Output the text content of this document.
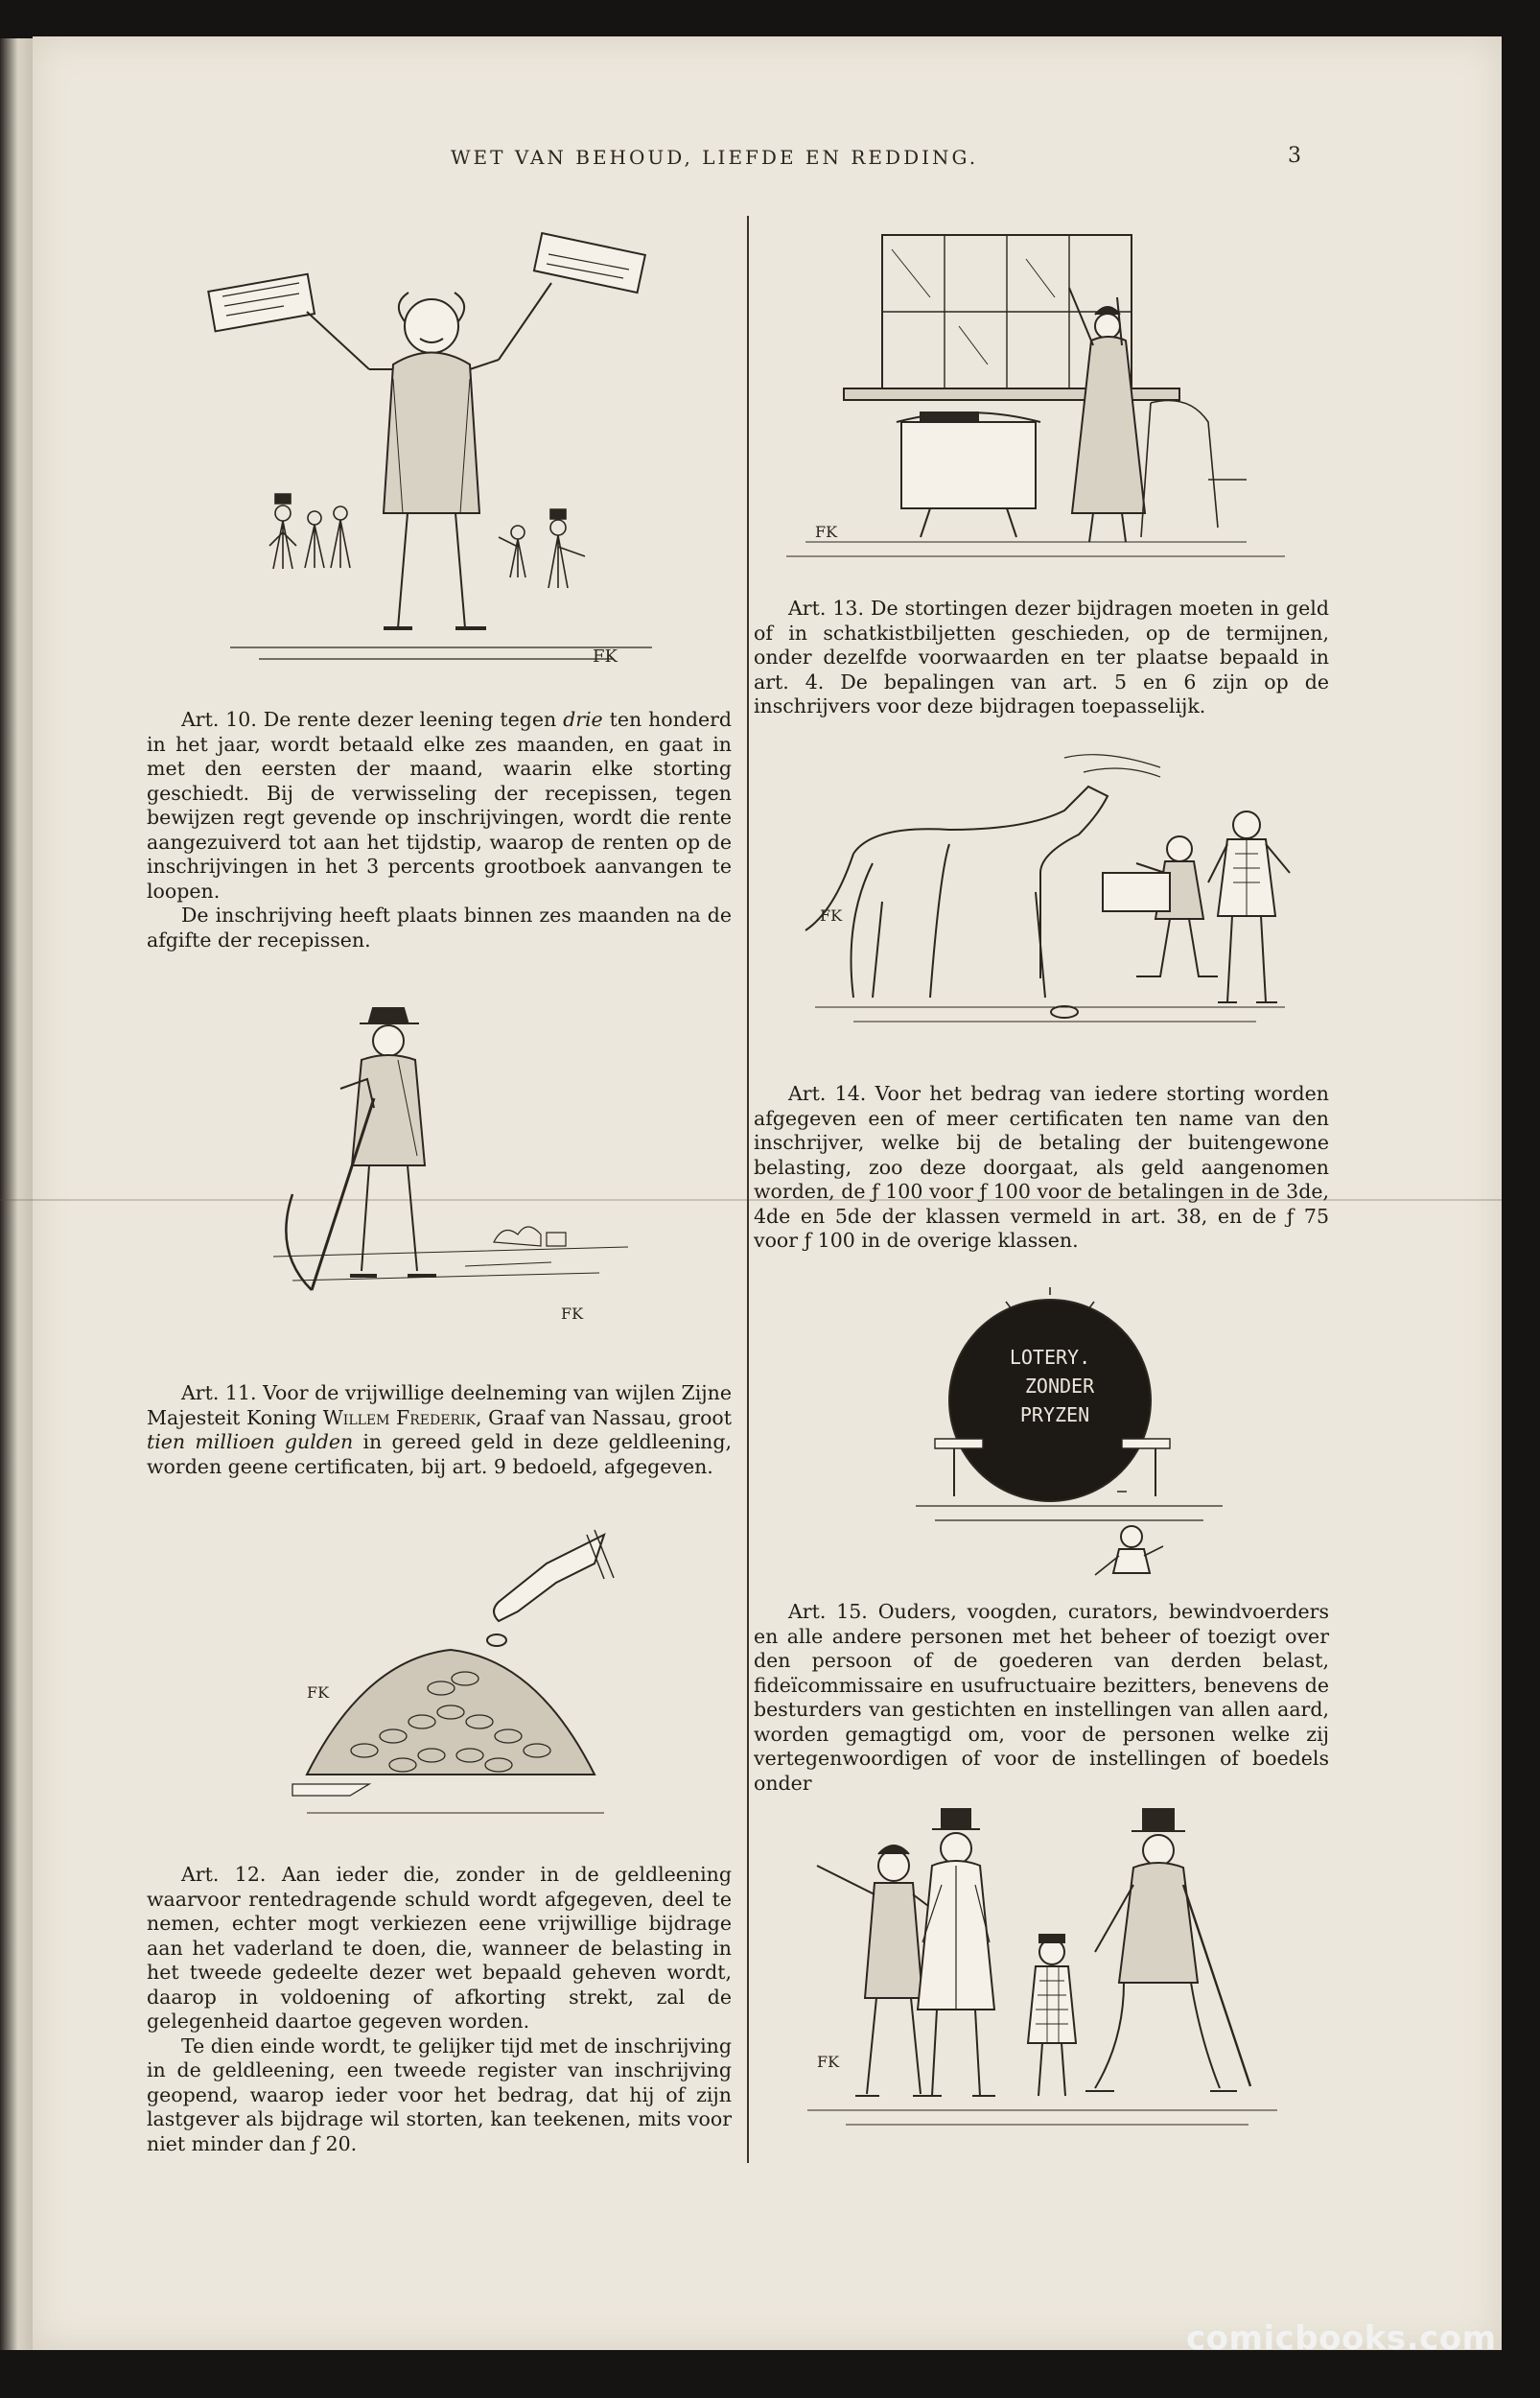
WET VAN BEHOUD, LIEFDE EN REDDING.	3
FK

Art. 10. De rente dezer leening tegen drie ten honderd in het jaar, wordt betaald elke zes maanden, en gaat in met den eersten der maand, waarin elke storting geschiedt. Bij de verwisseling der recepissen, tegen bewijzen regt gevende op inschrijvingen, wordt die rente aangezuiverd tot aan het tijdstip, waarop de renten op de inschrijvingen in het 3 percents grootboek aanvangen te loopen.

De inschrijving heeft plaats binnen zes maanden na de afgifte der recepissen.

FK

Art. 11. Voor de vrijwillige deelneming van wijlen Zijne Majesteit Koning Willem Frederik, Graaf van Nassau, groot tien millioen gulden in gereed geld in deze geldleening, worden geene certificaten, bij art. 9 bedoeld, afgegeven.

FK

Art. 12. Aan ieder die, zonder in de geldleening waarvoor rentedragende schuld wordt afgegeven, deel te nemen, echter mogt verkiezen eene vrijwillige bijdrage aan het vaderland te doen, die, wanneer de belasting in het tweede gedeelte dezer wet bepaald geheven wordt, daarop in voldoening of afkorting strekt, zal de gelegenheid daartoe gegeven worden.

Te dien einde wordt, te gelijker tijd met de inschrijving in de geldleening, een tweede register van inschrijving geopend, waarop ieder voor het bedrag, dat hij of zijn lastgever als bijdrage wil storten, kan teekenen, mits voor niet minder dan ƒ 20.

FK

Art. 13. De stortingen dezer bijdragen moeten in geld of in schatkistbiljetten geschieden, op de termijnen, onder dezelfde voorwaarden en ter plaatse bepaald in art. 4. De bepalingen van art. 5 en 6 zijn op de inschrijvers voor deze bijdragen toepasselijk.

FK

Art. 14. Voor het bedrag van iedere storting worden afgegeven een of meer certificaten ten name van den inschrijver, welke bij de betaling der buitengewone belasting, zoo deze doorgaat, als geld aangenomen worden, de ƒ 100 voor ƒ 100 voor de betalingen in de 3de, 4de en 5de der klassen vermeld in art. 38, en de ƒ 75 voor ƒ 100 in de overige klassen.

LOTERY.
ZONDER
PRYZEN

Art. 15. Ouders, voogden, curators, bewindvoerders en alle andere personen met het beheer of toezigt over den persoon of de goederen van derden belast, fideïcommissaire en usufructuaire bezitters, benevens de besturders van gestichten en instellingen van allen aard, worden gemagtigd om, voor de personen welke zij vertegenwoordigen of voor de instellingen of boedels onder

FK
comicbooks.com
